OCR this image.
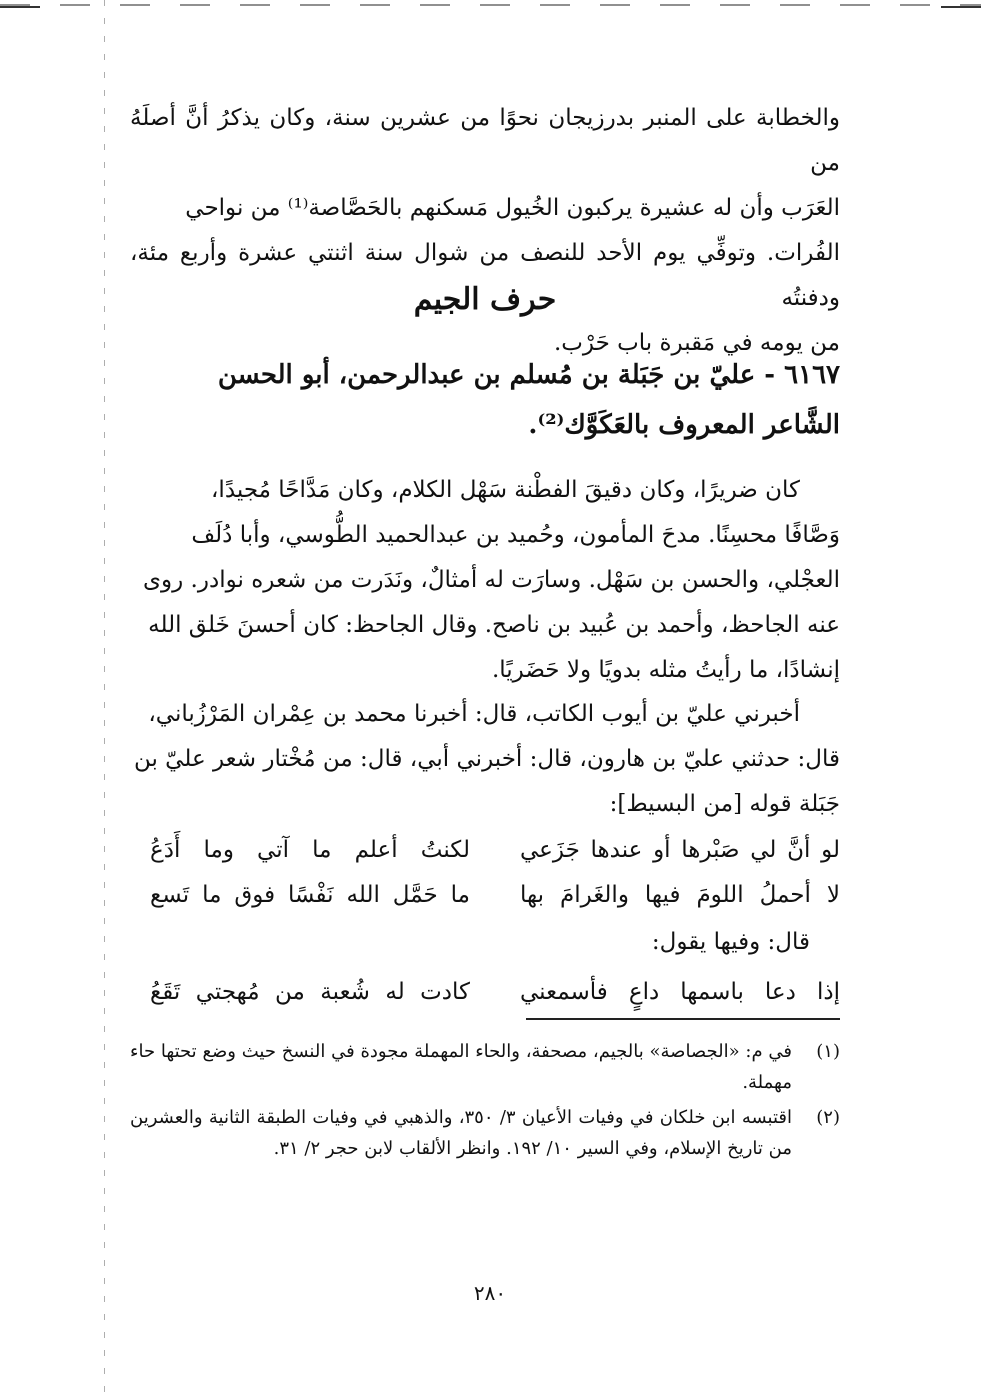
والخطابة على المنبر بدرزيجان نحوًا من عشرين سنة، وكان يذكرُ أنَّ أصلَهُ من

العَرَب وأن له عشيرة يركبون الخُيول مَسكنهم بالحَصَّاصة⁽¹⁾ من نواحي

الفُرات. وتوفِّي يوم الأحد للنصف من شوال سنة اثنتي عشرة وأربع مئة، ودفنتُه

من يومه في مَقبرة باب حَرْب.

حرف الجيم

٦١٦٧ - عليّ بن جَبَلة بن مُسلم بن عبدالرحمن، أبو الحسن

الشَّاعر المعروف بالعَكَوَّك⁽²⁾.

كان ضريرًا، وكان دقيقَ الفطْنة سَهْل الكلام، وكان مَدَّاحًا مُجيدًا،

وَصَّافًا محسِنًا. مدحَ المأمون، وحُميد بن عبدالحميد الطُّوسي، وأبا دُلَف

العجْلي، والحسن بن سَهْل. وسارَت له أمثالٌ، ونَدَرت من شعره نوادر. روى

عنه الجاحظ، وأحمد بن عُبيد بن ناصح. وقال الجاحظ: كان أحسنَ خَلق الله

إنشادًا، ما رأيتُ مثله بدويًا ولا حَضَريًا.

أخبرني عليّ بن أيوب الكاتب، قال: أخبرنا محمد بن عِمْران المَرْزُباني،

قال: حدثني عليّ بن هارون، قال: أخبرني أبي، قال: من مُخْتار شعر عليّ بن

جَبَلة قوله [من البسيط]:

لو أنَّ لي صَبْرها أو عندها جَزَعي
لكنتُ أعلم ما آتي وما أَدَعُ
لا أحملُ اللومَ فيها والغَرامَ بها
ما حَمَّل الله نَفْسًا فوق ما تَسع
قال: وفيها يقول:
إذا دعا باسمها داعٍ فأسمعني
كادت له شُعبة من مُهجتي تَقَعُ
(١)
في م: «الجصاصة» بالجيم، مصحفة، والحاء المهملة مجودة في النسخ حيث وضع تحتها حاء مهملة.
(٢)
اقتبسه ابن خلكان في وفيات الأعيان ٣/ ٣٥٠، والذهبي في وفيات الطبقة الثانية والعشرين من تاريخ الإسلام، وفي السير ١٠/ ١٩٢. وانظر الألقاب لابن حجر ٢/ ٣١.
٢٨٠
